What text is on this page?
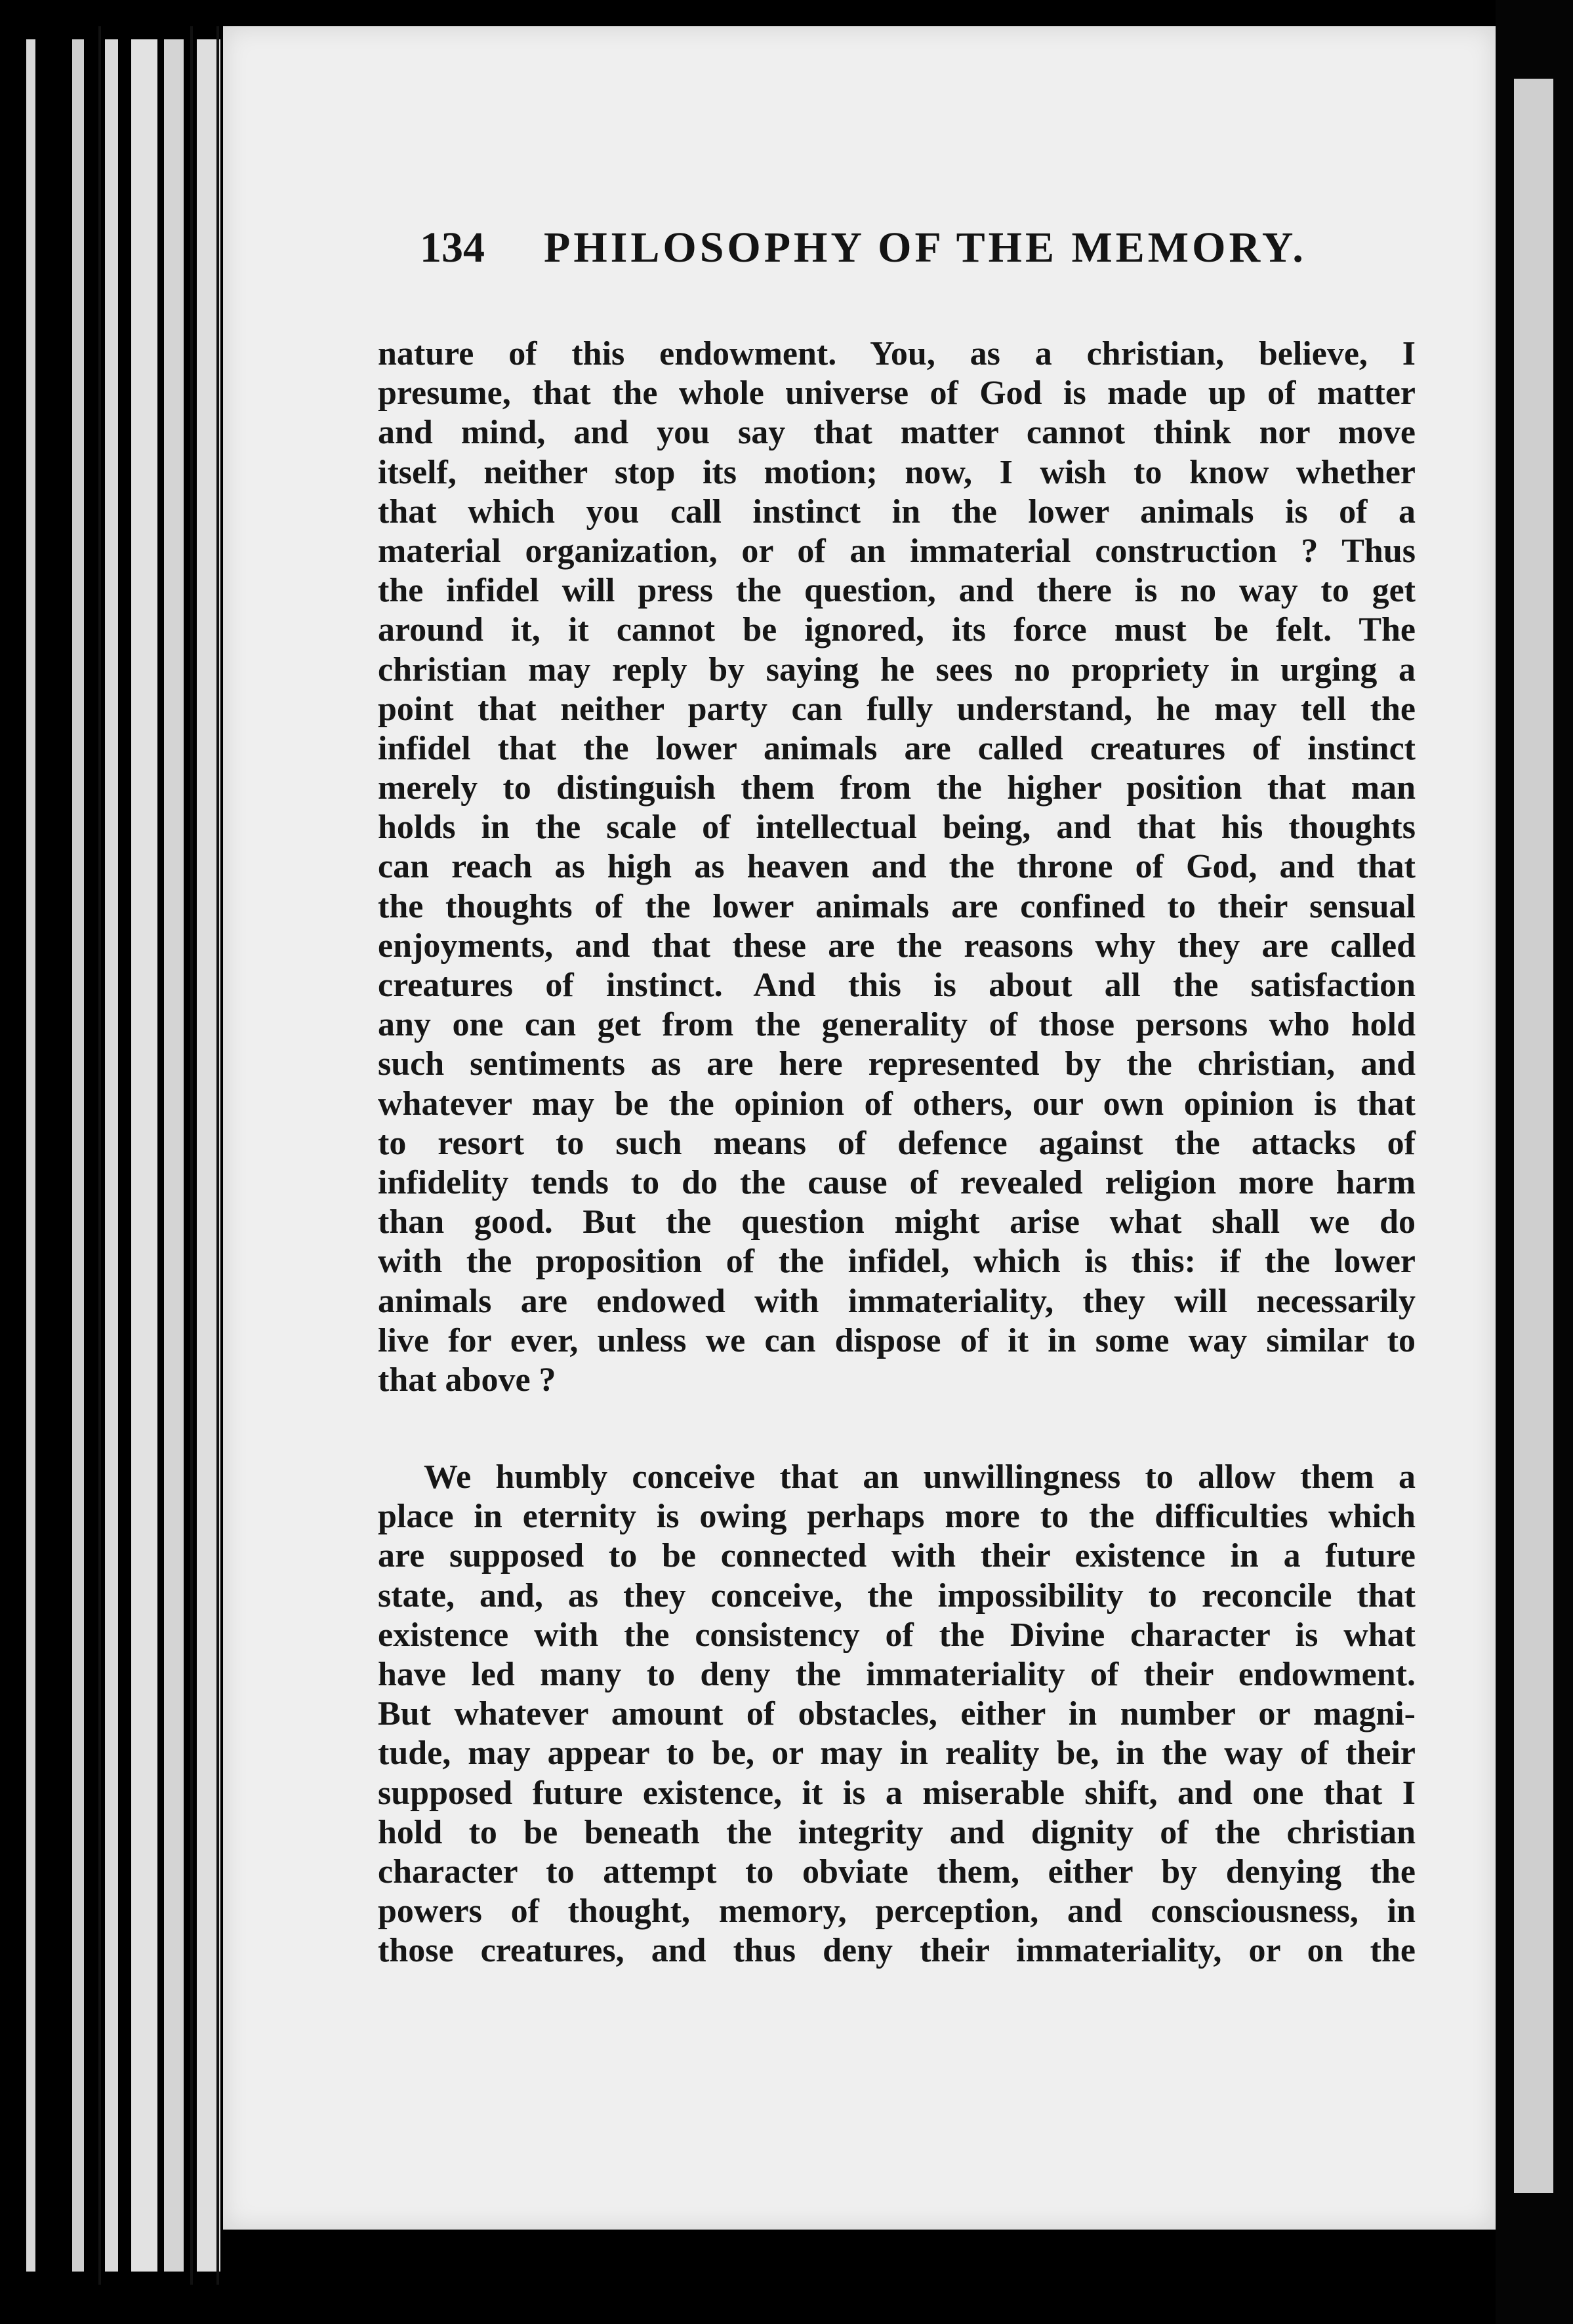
134 PHILOSOPHY OF THE MEMORY.
nature of this endowment. You, as a christian, believe, I
presume, that the whole universe of God is made up of matter
and mind, and you say that matter cannot think nor move
itself, neither stop its motion; now, I wish to know whether
that which you call instinct in the lower animals is of a
material organization, or of an immaterial construction ? Thus
the infidel will press the question, and there is no way to get
around it, it cannot be ignored, its force must be felt. The
christian may reply by saying he sees no propriety in urging a
point that neither party can fully understand, he may tell the
infidel that the lower animals are called creatures of instinct
merely to distinguish them from the higher position that man
holds in the scale of intellectual being, and that his thoughts
can reach as high as heaven and the throne of God, and that
the thoughts of the lower animals are confined to their sensual
enjoyments, and that these are the reasons why they are called
creatures of instinct. And this is about all the satisfaction
any one can get from the generality of those persons who hold
such sentiments as are here represented by the christian, and
whatever may be the opinion of others, our own opinion is that
to resort to such means of defence against the attacks of
infidelity tends to do the cause of revealed religion more harm
than good. But the question might arise what shall we do
with the proposition of the infidel, which is this: if the lower
animals are endowed with immateriality, they will necessarily
live for ever, unless we can dispose of it in some way similar to
that above ?
We humbly conceive that an unwillingness to allow them a
place in eternity is owing perhaps more to the difficulties which
are supposed to be connected with their existence in a future
state, and, as they conceive, the impossibility to reconcile that
existence with the consistency of the Divine character is what
have led many to deny the immateriality of their endowment.
But whatever amount of obstacles, either in number or magni-
tude, may appear to be, or may in reality be, in the way of their
supposed future existence, it is a miserable shift, and one that I
hold to be beneath the integrity and dignity of the christian
character to attempt to obviate them, either by denying the
powers of thought, memory, perception, and consciousness, in
those creatures, and thus deny their immateriality, or on the
